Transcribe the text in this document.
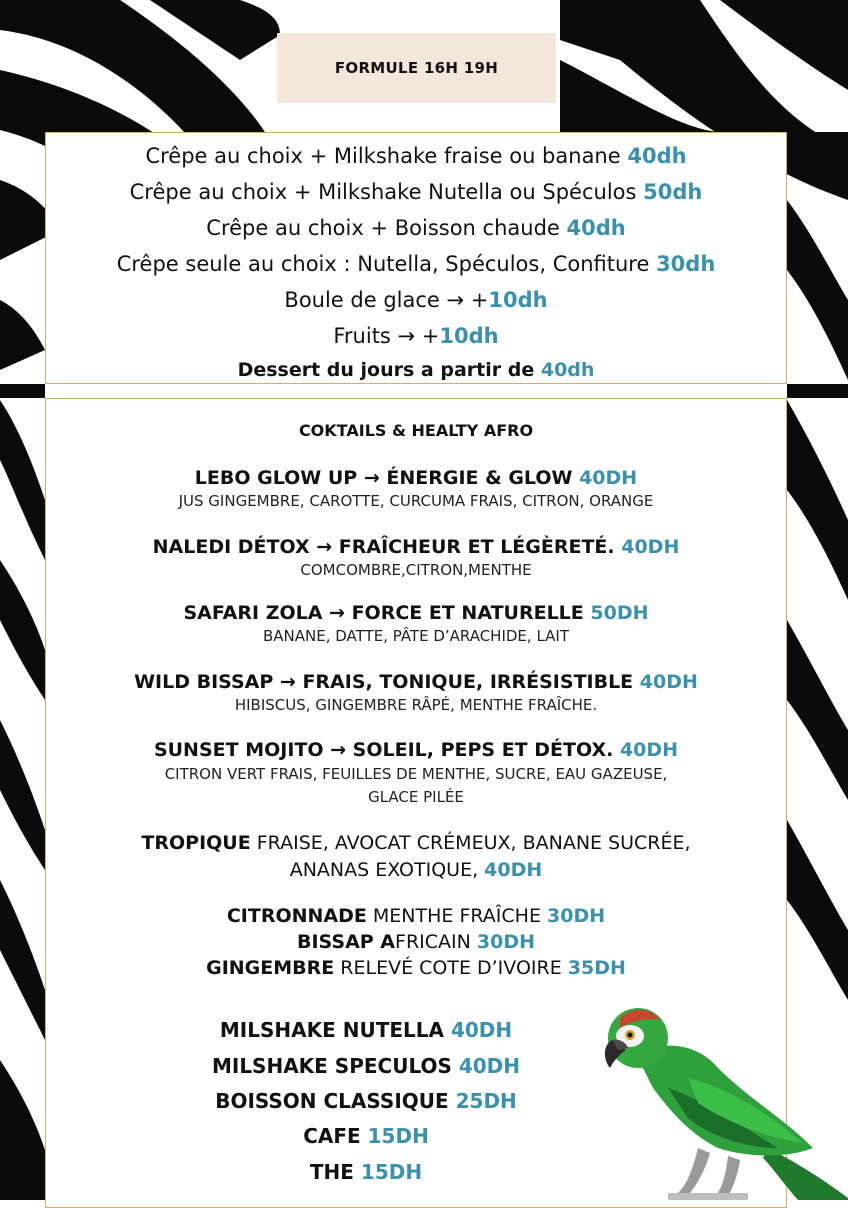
FORMULE 16H 19H
Crêpe au choix + Milkshake fraise ou banane 40dh
Crêpe au choix + Milkshake Nutella ou Spéculos 50dh
Crêpe au choix + Boisson chaude 40dh
Crêpe seule au choix : Nutella, Spéculos, Confiture 30dh
Boule de glace → +10dh
Fruits → +10dh
Dessert du jours a partir de 40dh
COKTAILS & HEALTY AFRO
LEBO GLOW UP → ÉNERGIE & GLOW 40DH
JUS GINGEMBRE, CAROTTE, CURCUMA FRAIS, CITRON, ORANGE
NALEDI DÉTOX → FRAÎCHEUR ET LÉGÈRETÉ. 40DH
COMCOMBRE,CITRON,MENTHE
SAFARI ZOLA → FORCE ET NATURELLE 50DH
BANANE, DATTE, PÂTE D’ARACHIDE, LAIT
WILD BISSAP → FRAIS, TONIQUE, IRRÉSISTIBLE 40DH
HIBISCUS, GINGEMBRE RÂPÉ, MENTHE FRAÎCHE.
SUNSET MOJITO → SOLEIL, PEPS ET DÉTOX. 40DH
CITRON VERT FRAIS, FEUILLES DE MENTHE, SUCRE, EAU GAZEUSE,
GLACE PILÉE
TROPIQUE FRAISE, AVOCAT CRÉMEUX, BANANE SUCRÉE,
ANANAS EXOTIQUE, 40DH
CITRONNADE MENTHE FRAÎCHE 30DH
BISSAP AFRICAIN 30DH
GINGEMBRE RELEVÉ COTE D’IVOIRE 35DH
MILSHAKE NUTELLA 40DH
MILSHAKE SPECULOS 40DH
BOISSON CLASSIQUE 25DH
CAFE 15DH
THE 15DH
